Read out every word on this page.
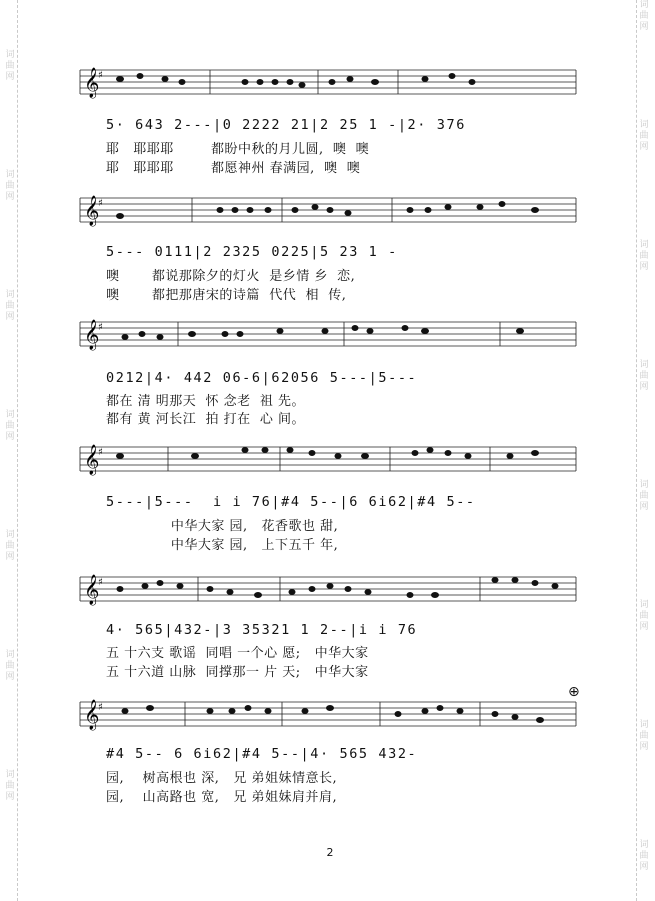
词
曲
网
词
曲
网
词
曲
网
词
曲
网
词
曲
网
词
曲
网
词
曲
网
词
曲
网
词
曲
网
词
曲
网
词
曲
网
词
曲
网
词
曲
网
词
曲
网
词
曲
网
𝄞
♯
5· 643 2---|0 2222 21|2 25 1 -|2· 376
耶   耶耶耶        都盼中秋的月儿圆,  噢  噢
耶   耶耶耶        都愿神州 春满园,  噢  噢
𝄞
♯
5--- 0111|2 2325 0225|5 23 1 -
噢       都说那除夕的灯火  是乡情 乡  恋,
噢       都把那唐宋的诗篇  代代  相  传,
𝄞
♯
0212|4· 442 06-6|62056 5---|5---
都在 清 明那天  怀 念老  祖 先。
都有 黄 河长江  拍 打在  心 间。
𝄞
♯
5---|5---  i i 76|#4 5--|6 6i62|#4 5--
中华大家 园,   花香歌也 甜,
中华大家 园,   上下五千 年,
𝄞
♯
4· 565|432-|3 35321 1 2--|i i 76
五 十六支 歌谣  同唱 一个心 愿;   中华大家
五 十六道 山脉  同撑那一 片 天;   中华大家
⊕
𝄞
♯
#4 5-- 6 6i62|#4 5--|4· 565 432-
园,    树高根也 深,   兄 弟姐妹情意长,
园,    山高路也 宽,   兄 弟姐妹肩并肩,
2
